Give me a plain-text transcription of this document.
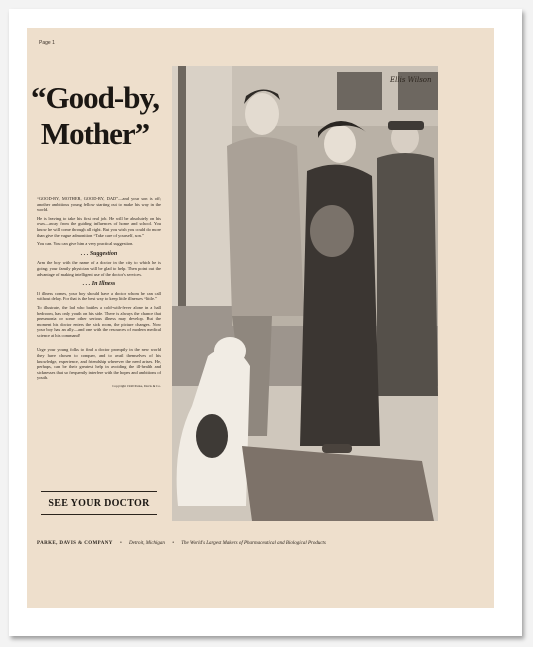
Page 1
“Good-by,
Mother”

“GOOD-BY, MOTHER, GOOD-BY, DAD”—and your son is off; another ambitious young fellow starting out to make his way in the world.

He is leaving to take his first real job. He will be absolutely on his own—away from the guiding influences of home and school. You know he will come through all right. But you wish you could do more than give the vague admonition “Take care of yourself, son.”

You can. You can give him a very practical suggestion.

. . . Suggestion

Arm the boy with the name of a doctor in the city to which he is going; your family physician will be glad to help. Then point out the advantage of making intelligent use of the doctor's services.

. . . In Illness

If illness comes, your boy should have a doctor whom he can call without delay. For that is the best way to keep little illnesses “little.”

To illustrate, the lad who battles a cold-with-fever alone in a hall bedroom, has only youth on his side. There is always the chance that pneumonia or some other serious illness may develop. But the moment his doctor enters the sick room, the picture changes. Now your boy has an ally—and one with the resources of modern medical science at his command!

Urge your young folks to find a doctor promptly in the new world they have chosen to conquer, and to avail themselves of his knowledge, experience, and friendship wherever the need arises. He, perhaps, can be their greatest help in avoiding the ill-health and sicknesses that so frequently interfere with the hopes and ambitions of youth.

Copyright 1940 Parke, Davis & Co.

SEE YOUR DOCTOR
Ellis Wilson
PARKE, DAVIS & COMPANY • Detroit, Michigan • The World's Largest Makers of Pharmaceutical and Biological Products
